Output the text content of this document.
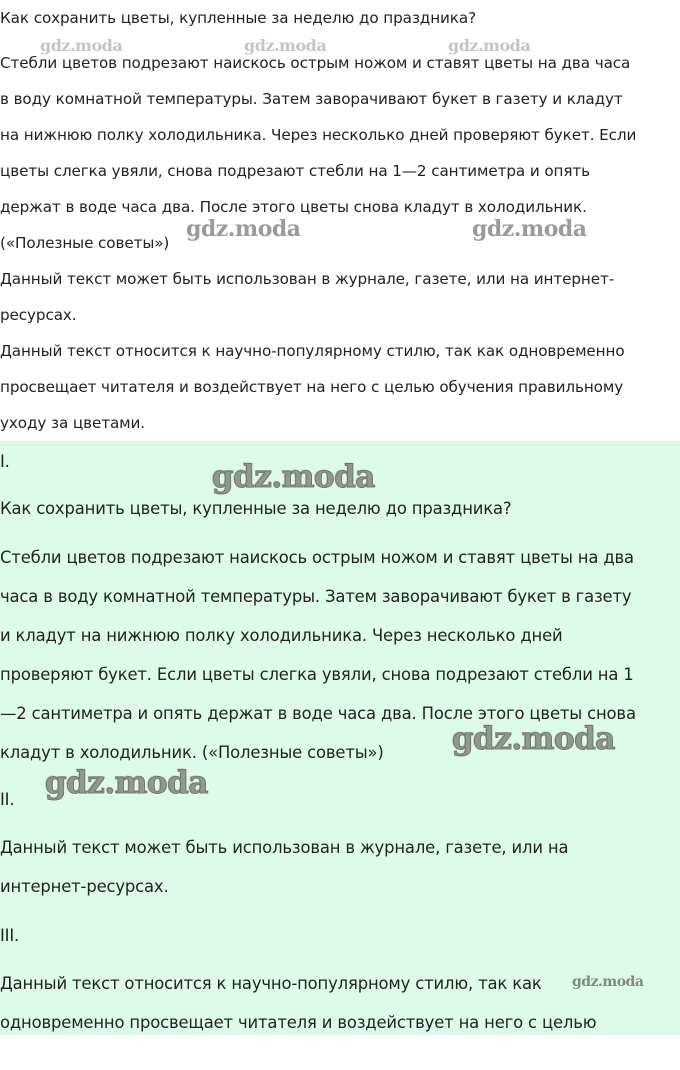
Как сохранить цветы, купленные за неделю до праздника?

Стебли цветов подрезают наискось острым ножом и ставят цветы на два часа

в воду комнатной температуры. Затем заворачивают букет в газету и кладут

на нижнюю полку холодильника. Через несколько дней проверяют букет. Если

цветы слегка увяли, снова подрезают стебли на 1—2 сантиметра и опять

держат в воде часа два. После этого цветы снова кладут в холодильник.

(«Полезные советы»)

Данный текст может быть использован в журнале, газете, или на интернет-

ресурсах.

Данный текст относится к научно-популярному стилю, так как одновременно

просвещает читателя и воздействует на него с целью обучения правильному

уходу за цветами.

I.

Как сохранить цветы, купленные за неделю до праздника?

Стебли цветов подрезают наискось острым ножом и ставят цветы на два

часа в воду комнатной температуры. Затем заворачивают букет в газету

и кладут на нижнюю полку холодильника. Через несколько дней

проверяют букет. Если цветы слегка увяли, снова подрезают стебли на 1

—2 сантиметра и опять держат в воде часа два. После этого цветы снова

кладут в холодильник. («Полезные советы»)

II.

Данный текст может быть использован в журнале, газете, или на

интернет-ресурсах.

III.

Данный текст относится к научно-популярному стилю, так как

одновременно просвещает читателя и воздействует на него с целью

gdz.moda	gdz.moda	gdz.moda
gdz.moda	gdz.moda
gdz.moda
gdz.moda
gdz.moda
gdz.moda
